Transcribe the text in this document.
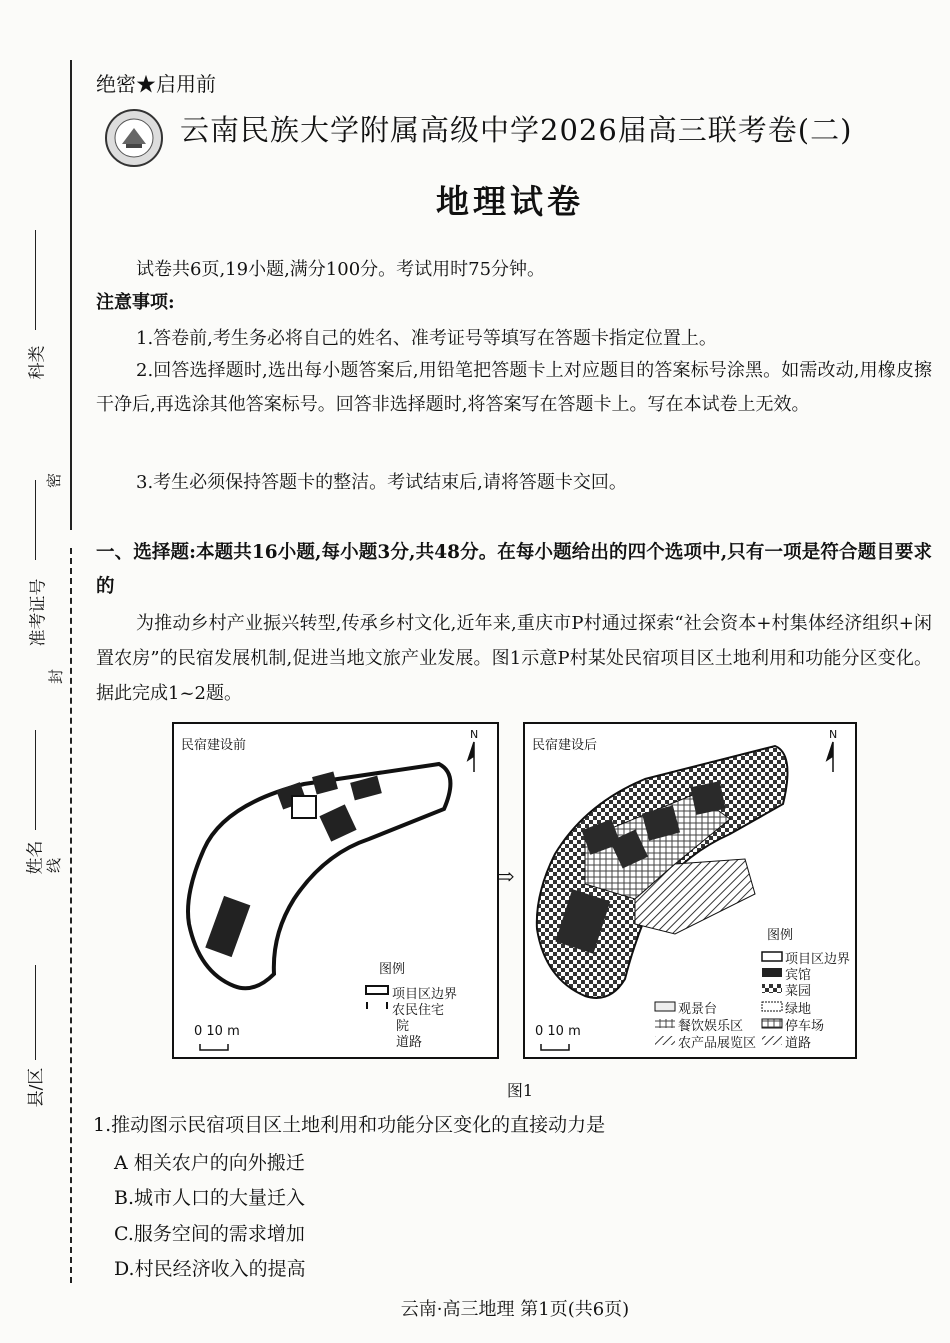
科类
密
准考证号
封
姓名 线
县/区
绝密★启用前
云南民族大学附属高级中学2026届高三联考卷(二)
地理试卷
试卷共6页,19小题,满分100分。考试用时75分钟。
注意事项:
1.答卷前,考生务必将自己的姓名、准考证号等填写在答题卡指定位置上。
2.回答选择题时,选出每小题答案后,用铅笔把答题卡上对应题目的答案标号涂黑。如需改动,用橡皮擦干净后,再选涂其他答案标号。回答非选择题时,将答案写在答题卡上。写在本试卷上无效。
3.考生必须保持答题卡的整洁。考试结束后,请将答题卡交回。
一、选择题:本题共16小题,每小题3分,共48分。在每小题给出的四个选项中,只有一项是符合题目要求的
为推动乡村产业振兴转型,传承乡村文化,近年来,重庆市P村通过探索“社会资本+村集体经济组织+闲置农房”的民宿发展机制,促进当地文旅产业发展。图1示意P村某处民宿项目区土地利用和功能分区变化。据此完成1~2题。
民宿建设前
N
0 10 m
图例
项目区边界
农民住宅
院
道路
⇨
民宿建设后
N
0 10 m
图例
项目区边界
宾馆
菜园
观景台	绿地
餐饮娱乐区	停车场
农产品展览区 道路
图1
1.推动图示民宿项目区土地利用和功能分区变化的直接动力是
A 相关农户的向外搬迁
B.城市人口的大量迁入
C.服务空间的需求增加
D.村民经济收入的提高
云南·高三地理 第1页(共6页)
